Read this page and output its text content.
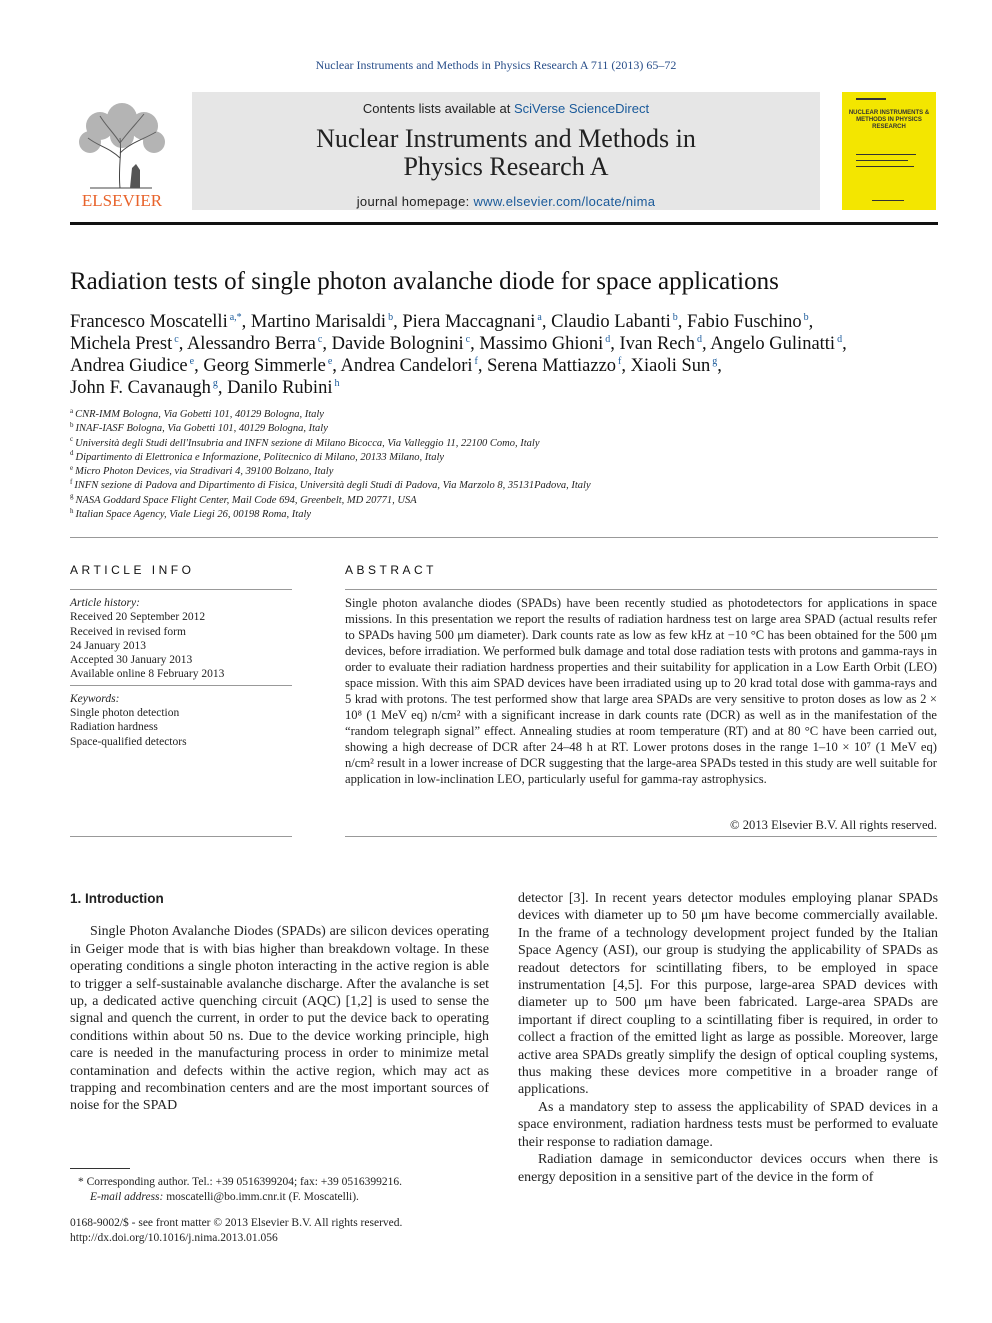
Nuclear Instruments and Methods in Physics Research A 711 (2013) 65–72
ELSEVIER
Contents lists available at SciVerse ScienceDirect
Nuclear Instruments and Methods in
Physics Research A
journal homepage: www.elsevier.com/locate/nima
NUCLEAR INSTRUMENTS & METHODS IN PHYSICS RESEARCH
Radiation tests of single photon avalanche diode for space applications
Francesco Moscatelli $^{a,*}$, Martino Marisaldi $^b$, Piera Maccagnani $^a$, Claudio Labanti $^b$, Fabio Fuschino $^b$,
Michela Prest $^c$, Alessandro Berra $^c$, Davide Bolognini $^c$, Massimo Ghioni $^d$, Ivan Rech $^d$, Angelo Gulinatti $^d$,
Andrea Giudice $^e$, Georg Simmerle $^e$, Andrea Candelori $^f$, Serena Mattiazzo $^f$, Xiaoli Sun $^g$,
John F. Cavanaugh $^g$, Danilo Rubini $^h$
$^a$ CNR-IMM Bologna, Via Gobetti 101, 40129 Bologna, Italy
$^b$ INAF-IASF Bologna, Via Gobetti 101, 40129 Bologna, Italy
$^c$ Università degli Studi dell'Insubria and INFN sezione di Milano Bicocca, Via Valleggio 11, 22100 Como, Italy
$^d$ Dipartimento di Elettronica e Informazione, Politecnico di Milano, 20133 Milano, Italy
$^e$ Micro Photon Devices, via Stradivari 4, 39100 Bolzano, Italy
$^f$ INFN sezione di Padova and Dipartimento di Fisica, Università degli Studi di Padova, Via Marzolo 8, 35131Padova, Italy
$^g$ NASA Goddard Space Flight Center, Mail Code 694, Greenbelt, MD 20771, USA
$^h$ Italian Space Agency, Viale Liegi 26, 00198 Roma, Italy
ARTICLE INFO
Article history:
Received 20 September 2012
Received in revised form
24 January 2013
Accepted 30 January 2013
Available online 8 February 2013
Keywords:
Single photon detection
Radiation hardness
Space-qualified detectors
ABSTRACT

Single photon avalanche diodes (SPADs) have been recently studied as photodetectors for applications in space missions. In this presentation we report the results of radiation hardness test on large area SPAD (actual results refer to SPADs having 500 μm diameter). Dark counts rate as low as few kHz at −10 °C has been obtained for the 500 μm devices, before irradiation. We performed bulk damage and total dose radiation tests with protons and gamma-rays in order to evaluate their radiation hardness properties and their suitability for application in a Low Earth Orbit (LEO) space mission. With this aim SPAD devices have been irradiated using up to 20 krad total dose with gamma-rays and 5 krad with protons. The test performed show that large area SPADs are very sensitive to proton doses as low as 2 × 10⁸ (1 MeV eq) n/cm² with a significant increase in dark counts rate (DCR) as well as in the manifestation of the “random telegraph signal” effect. Annealing studies at room temperature (RT) and at 80 °C have been carried out, showing a high decrease of DCR after 24–48 h at RT. Lower protons doses in the range 1–10 × 10⁷ (1 MeV eq) n/cm² result in a lower increase of DCR suggesting that the large-area SPADs tested in this study are well suitable for application in low-inclination LEO, particularly useful for gamma-ray astrophysics.

© 2013 Elsevier B.V. All rights reserved.
1. Introduction

Single Photon Avalanche Diodes (SPADs) are silicon devices operating in Geiger mode that is with bias higher than breakdown voltage. In these operating conditions a single photon interacting in the active region is able to trigger a self-sustainable avalanche discharge. After the avalanche is set up, a dedicated active quenching circuit (AQC) [1,2] is used to sense the signal and quench the current, in order to put the device back to operating conditions within about 50 ns. Due to the device working principle, high care is needed in the manufacturing process in order to minimize metal contamination and defects within the active region, which may act as trapping and recombination centers and are the most important sources of noise for the SPAD

detector [3]. In recent years detector modules employing planar SPADs devices with diameter up to 50 μm have become commercially available. In the frame of a technology development project funded by the Italian Space Agency (ASI), our group is studying the applicability of SPADs as readout detectors for scintillating fibers, to be employed in space instrumentation [4,5]. For this purpose, large-area SPAD devices with diameter up to 500 μm have been fabricated. Large-area SPADs are important if direct coupling to a scintillating fiber is required, in order to collect a fraction of the emitted light as large as possible. Moreover, large active area SPADs greatly simplify the design of optical coupling systems, thus making these devices more competitive in a broader range of applications.

As a mandatory step to assess the applicability of SPAD devices in a space environment, radiation hardness tests must be performed to evaluate their response to radiation damage.

Radiation damage in semiconductor devices occurs when there is energy deposition in a sensitive part of the device in the form of

* Corresponding author. Tel.: +39 0516399204; fax: +39 0516399216.
E-mail address: moscatelli@bo.imm.cnr.it (F. Moscatelli).
0168-9002/$ - see front matter © 2013 Elsevier B.V. All rights reserved.
http://dx.doi.org/10.1016/j.nima.2013.01.056
